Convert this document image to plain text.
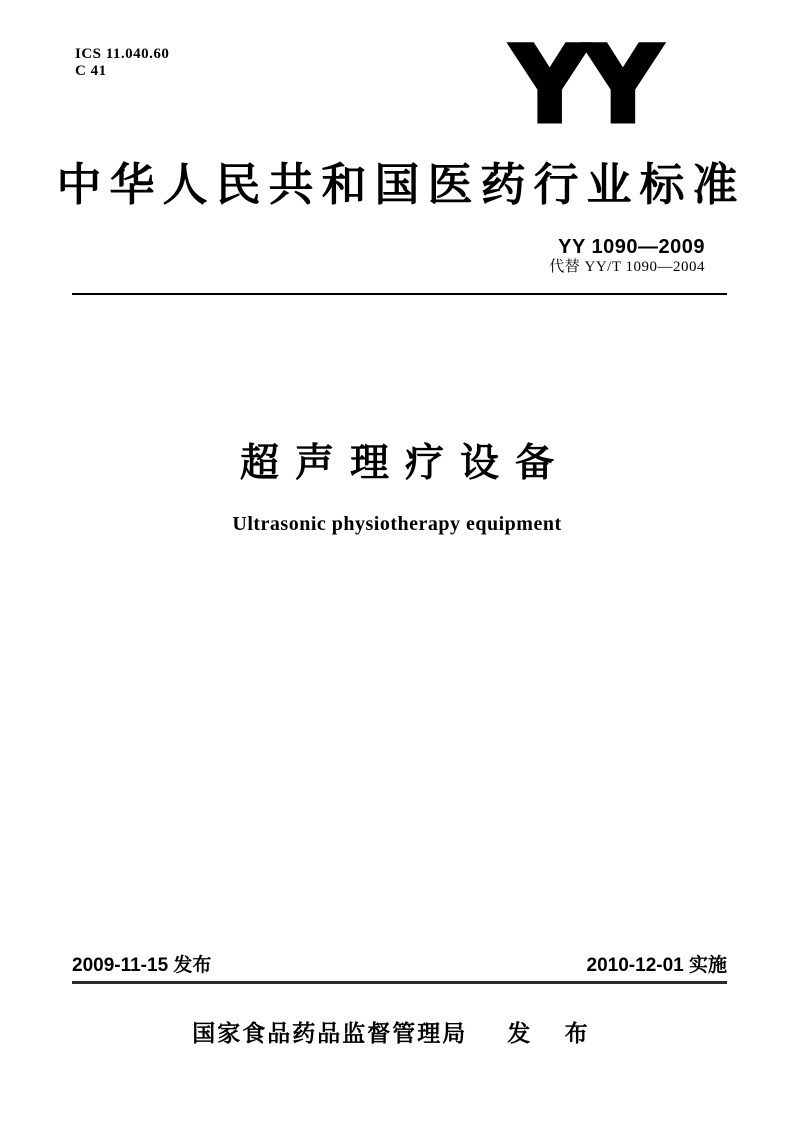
ICS 11.040.60
C 41	YY
中华人民共和国医药行业标准
YY 1090—2009
代替 YY/T 1090—2004
超声理疗设备
Ultrasonic physiotherapy equipment
2009-11-15 发布	2010-12-01 实施
国家食品药品监督管理局 发 布
